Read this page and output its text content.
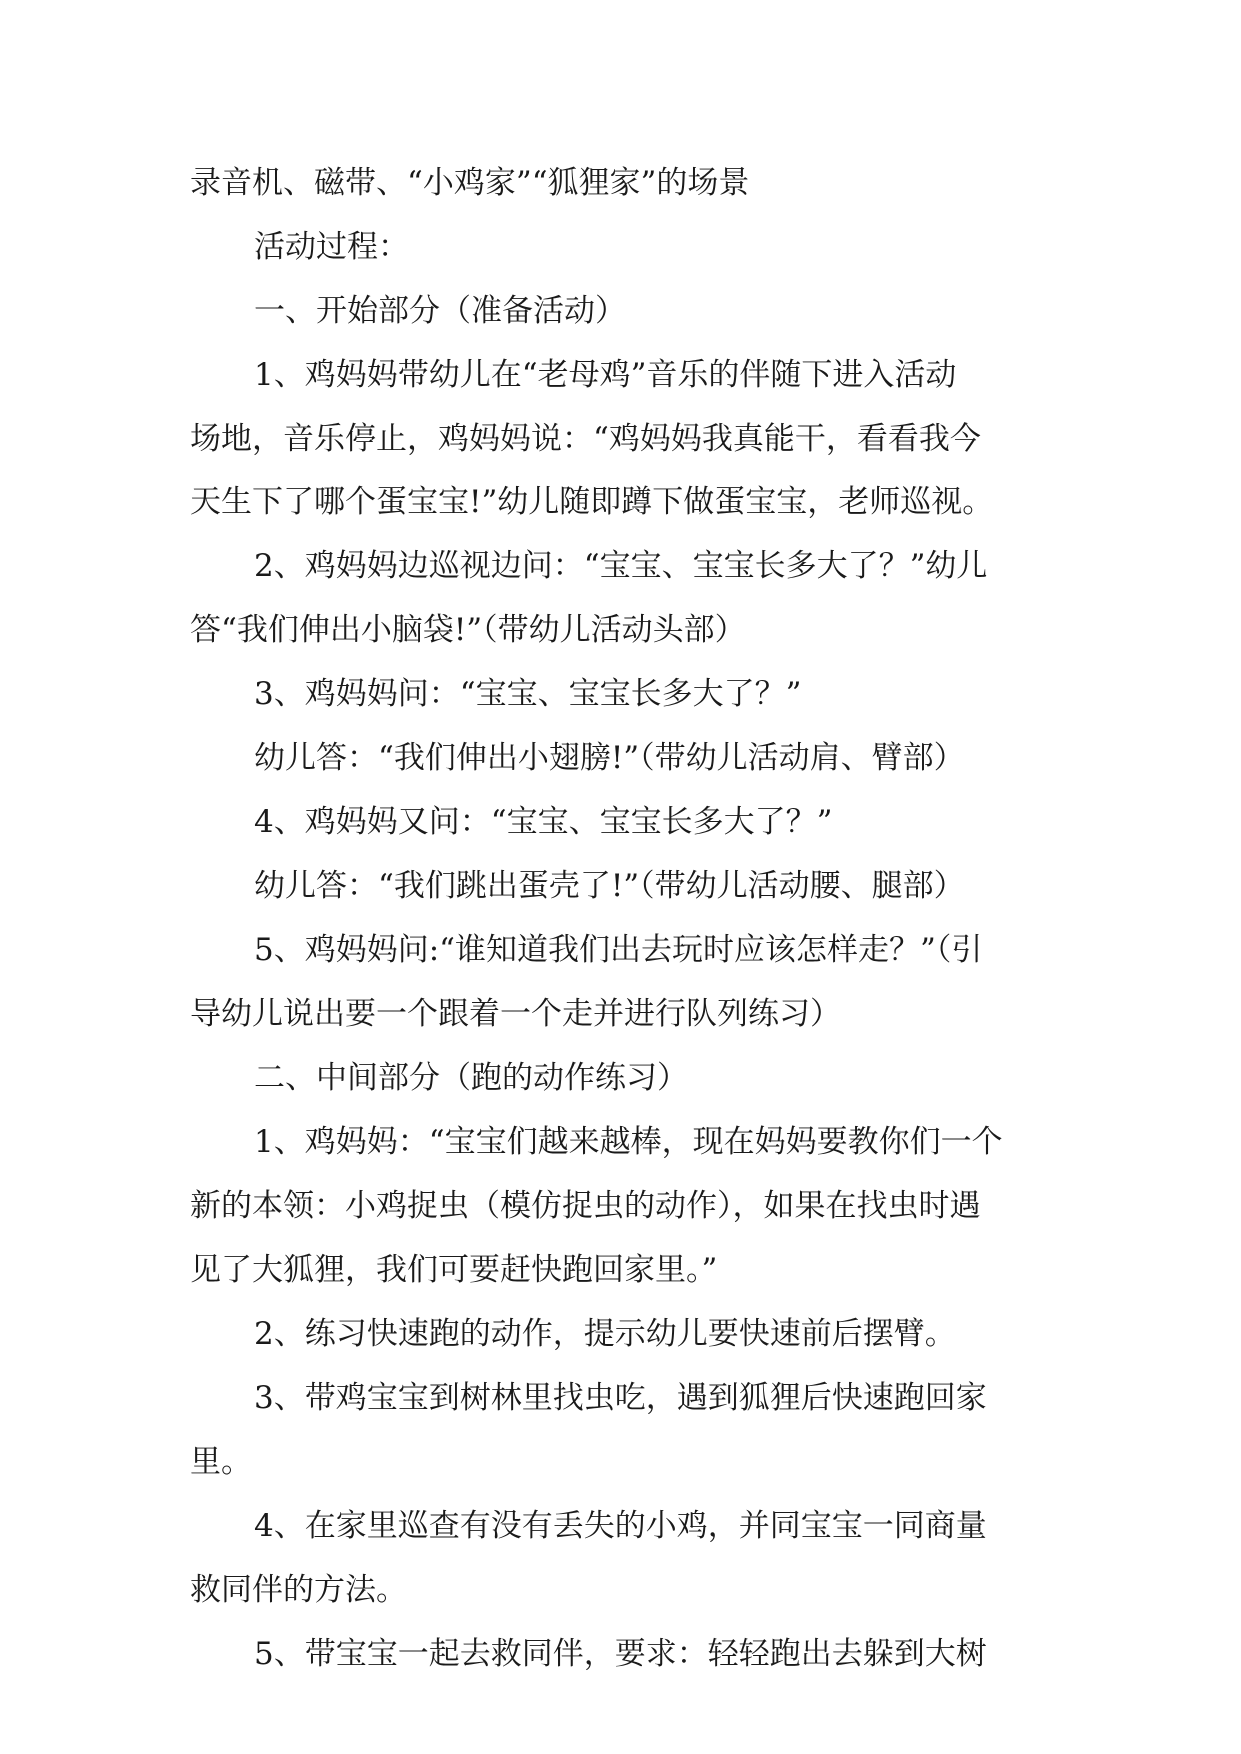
录音机、磁带、“小鸡家”“狐狸家”的场景
活动过程：
一、开始部分（准备活动）
1、鸡妈妈带幼儿在“老母鸡”音乐的伴随下进入活动
场地，音乐停止，鸡妈妈说：“鸡妈妈我真能干，看看我今
天生下了哪个蛋宝宝!”幼儿随即蹲下做蛋宝宝，老师巡视。
2、鸡妈妈边巡视边问：“宝宝、宝宝长多大了？”幼儿
答“我们伸出小脑袋!”（带幼儿活动头部）
3、鸡妈妈问：“宝宝、宝宝长多大了？”
幼儿答：“我们伸出小翅膀!”（带幼儿活动肩、臂部）
4、鸡妈妈又问：“宝宝、宝宝长多大了？”
幼儿答：“我们跳出蛋壳了!”（带幼儿活动腰、腿部）
5、鸡妈妈问:“谁知道我们出去玩时应该怎样走？”（引
导幼儿说出要一个跟着一个走并进行队列练习）
二、中间部分（跑的动作练习）
1、鸡妈妈：“宝宝们越来越棒，现在妈妈要教你们一个
新的本领：小鸡捉虫（模仿捉虫的动作），如果在找虫时遇
见了大狐狸，我们可要赶快跑回家里。”
2、练习快速跑的动作，提示幼儿要快速前后摆臂。
3、带鸡宝宝到树林里找虫吃，遇到狐狸后快速跑回家
里。
4、在家里巡查有没有丢失的小鸡，并同宝宝一同商量
救同伴的方法。
5、带宝宝一起去救同伴，要求：轻轻跑出去躲到大树
